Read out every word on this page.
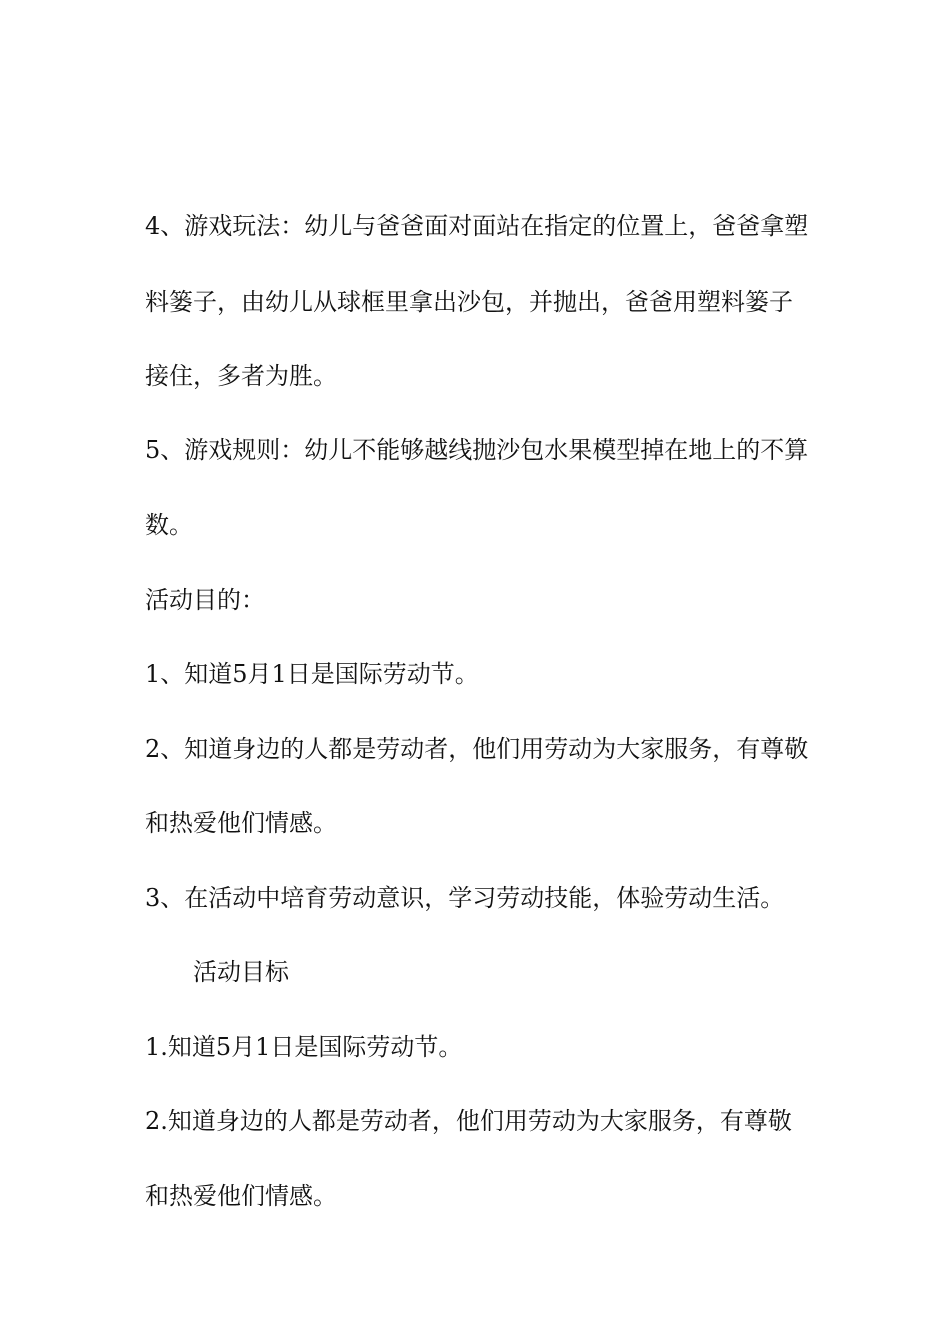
4、游戏玩法：幼儿与爸爸面对面站在指定的位置上，爸爸拿塑
料篓子，由幼儿从球框里拿出沙包，并抛出，爸爸用塑料篓子
接住，多者为胜。
5、游戏规则：幼儿不能够越线抛沙包水果模型掉在地上的不算
数。
活动目的：
1、知道5月1日是国际劳动节。
2、知道身边的人都是劳动者，他们用劳动为大家服务，有尊敬
和热爱他们情感。
3、在活动中培育劳动意识，学习劳动技能，体验劳动生活。
活动目标
1.知道5月1日是国际劳动节。
2.知道身边的人都是劳动者，他们用劳动为大家服务，有尊敬
和热爱他们情感。
